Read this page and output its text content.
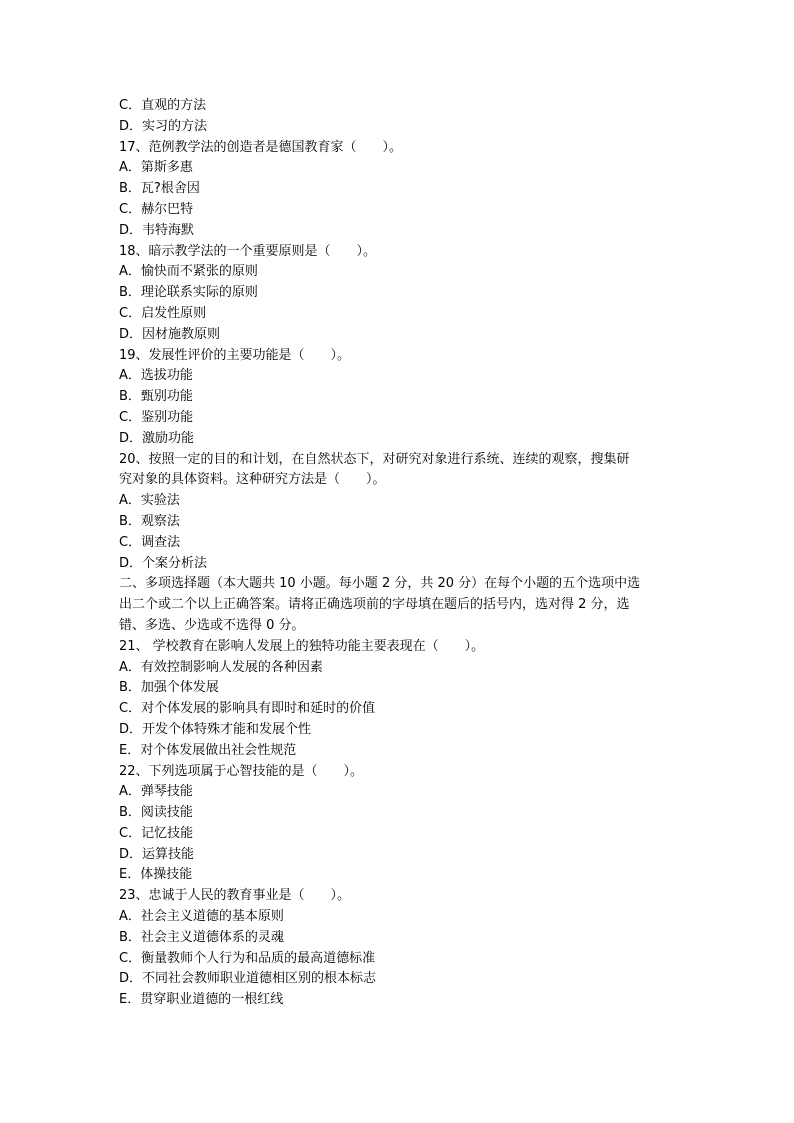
C．直观的方法

D．实习的方法

17、范例教学法的创造者是德国教育家（　　）。

A．第斯多惠

B．瓦?根舍因

C．赫尔巴特

D．韦特海默

18、暗示教学法的一个重要原则是（　　）。

A．愉快而不紧张的原则

B．理论联系实际的原则

C．启发性原则

D．因材施教原则

19、发展性评价的主要功能是（　　）。

A．选拔功能

B．甄别功能

C．鉴别功能

D．激励功能

20、按照一定的目的和计划，在自然状态下，对研究对象进行系统、连续的观察，搜集研

究对象的具体资料。这种研究方法是（　　）。

A．实验法

B．观察法

C．调查法

D．个案分析法

二、多项选择题（本大题共 10 小题。每小题 2 分，共 20 分）在每个小题的五个选项中选

出二个或二个以上正确答案。请将正确选项前的字母填在题后的括号内，选对得 2 分，选

错、多选、少选或不选得 0 分。

21、 学校教育在影响人发展上的独特功能主要表现在（　　）。

A．有效控制影响人发展的各种因素

B．加强个体发展

C．对个体发展的影响具有即时和延时的价值

D．开发个体特殊才能和发展个性

E．对个体发展做出社会性规范

22、下列选项属于心智技能的是（　　）。

A．弹琴技能

B．阅读技能

C．记忆技能

D．运算技能

E．体操技能

23、忠诚于人民的教育事业是（　　）。

A．社会主义道德的基本原则

B．社会主义道德体系的灵魂

C．衡量教师个人行为和品质的最高道德标准

D．不同社会教师职业道德相区别的根本标志

E．贯穿职业道德的一根红线
